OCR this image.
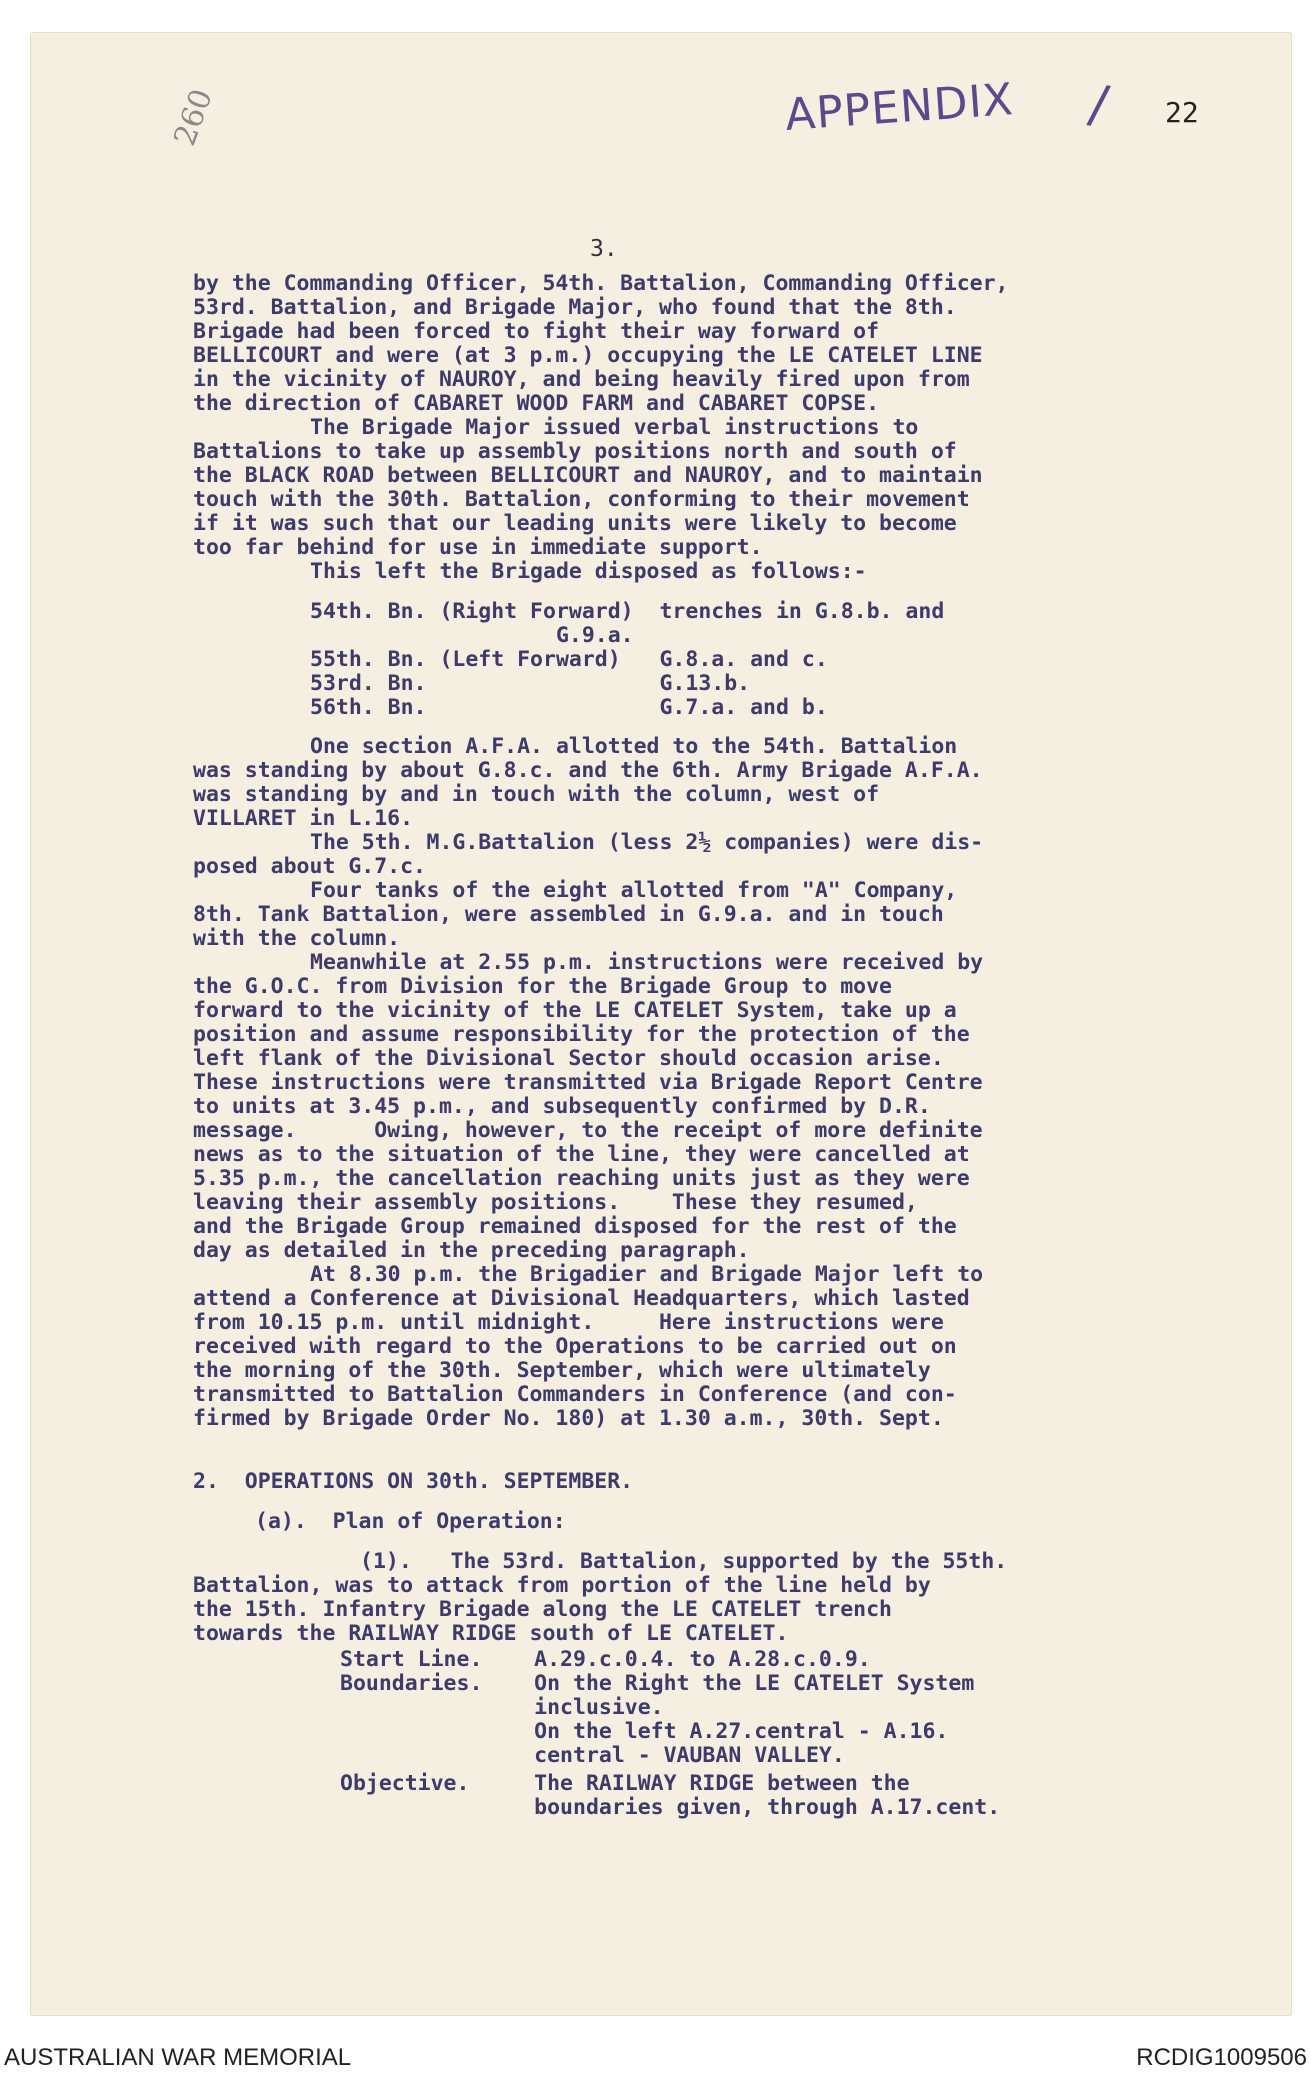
260	APPENDIX / 22
3.
by the Commanding Officer, 54th. Battalion, Commanding Officer,
53rd. Battalion, and Brigade Major, who found that the 8th.
Brigade had been forced to fight their way forward of
BELLICOURT and were (at 3 p.m.) occupying the LE CATELET LINE
in the vicinity of NAUROY, and being heavily fired upon from
the direction of CABARET WOOD FARM and CABARET COPSE.
The Brigade Major issued verbal instructions to
Battalions to take up assembly positions north and south of
the BLACK ROAD between BELLICOURT and NAUROY, and to maintain
touch with the 30th. Battalion, conforming to their movement
if it was such that our leading units were likely to become
too far behind for use in immediate support.
This left the Brigade disposed as follows:-
54th. Bn. (Right Forward)  trenches in G.8.b. and
G.9.a.
55th. Bn. (Left Forward)   G.8.a. and c.
53rd. Bn.                  G.13.b.
56th. Bn.                  G.7.a. and b.
One section A.F.A. allotted to the 54th. Battalion
was standing by about G.8.c. and the 6th. Army Brigade A.F.A.
was standing by and in touch with the column, west of
VILLARET in L.16.
The 5th. M.G.Battalion (less 2½ companies) were dis-
posed about G.7.c.
Four tanks of the eight allotted from "A" Company,
8th. Tank Battalion, were assembled in G.9.a. and in touch
with the column.
Meanwhile at 2.55 p.m. instructions were received by
the G.O.C. from Division for the Brigade Group to move
forward to the vicinity of the LE CATELET System, take up a
position and assume responsibility for the protection of the
left flank of the Divisional Sector should occasion arise.
These instructions were transmitted via Brigade Report Centre
to units at 3.45 p.m., and subsequently confirmed by D.R.
message.      Owing, however, to the receipt of more definite
news as to the situation of the line, they were cancelled at
5.35 p.m., the cancellation reaching units just as they were
leaving their assembly positions.    These they resumed,
and the Brigade Group remained disposed for the rest of the
day as detailed in the preceding paragraph.
At 8.30 p.m. the Brigadier and Brigade Major left to
attend a Conference at Divisional Headquarters, which lasted
from 10.15 p.m. until midnight.     Here instructions were
received with regard to the Operations to be carried out on
the morning of the 30th. September, which were ultimately
transmitted to Battalion Commanders in Conference (and con-
firmed by Brigade Order No. 180) at 1.30 a.m., 30th. Sept.
2.  OPERATIONS ON 30th. SEPTEMBER.
(a).  Plan of Operation:
(1).   The 53rd. Battalion, supported by the 55th.
Battalion, was to attack from portion of the line held by
the 15th. Infantry Brigade along the LE CATELET trench
towards the RAILWAY RIDGE south of LE CATELET.
Start Line.    A.29.c.0.4. to A.28.c.0.9.
Boundaries.    On the Right the LE CATELET System
inclusive.
On the left A.27.central - A.16.
central - VAUBAN VALLEY.
Objective.     The RAILWAY RIDGE between the
boundaries given, through A.17.cent.
AUSTRALIAN WAR MEMORIAL	RCDIG1009506
